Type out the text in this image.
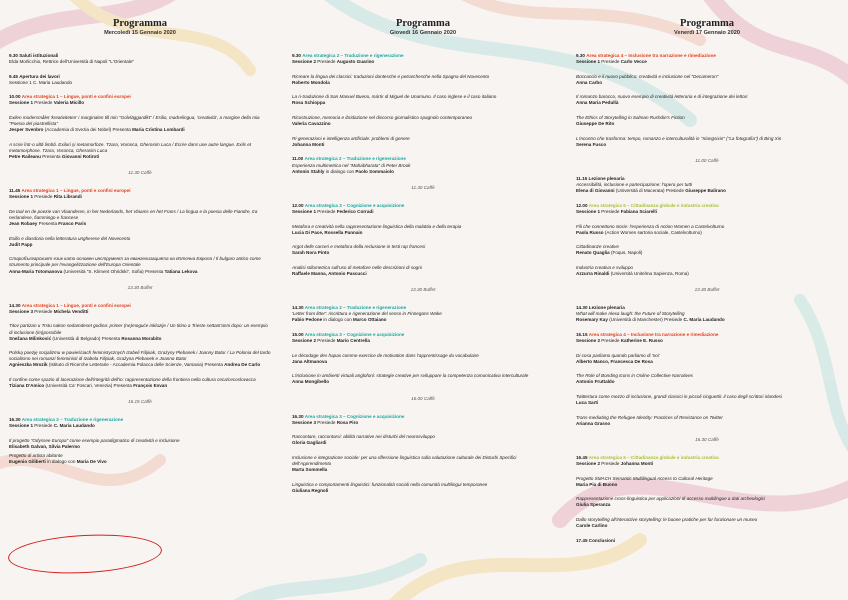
Programma
Mercoledì 15 Gennaio 2020
9.30 Saluti istituzionali
Elda Morlicchio, Rettrice dell'Università di Napoli "L'Orientale"
9.45 Apertura dei lavori
Sessione 1 C. Maria Laudando
10.00 Area strategica 1 – Lingue, ponti e confini europei
Sessione 1 Presiede Valeria Micillo
Exilen modersmålet 'kreativiteten' i marginalen till min "Golvläggardikt" / Esilio, madrelingua, 'creatività', a margine della mia "Poesia del piastrellista"
Jesper Svenbro (Accademia di Svezia dei Nobel) Presenta Maria Cristina Lombardi
A scrie într-o altă limbă. Exiluri și metamorfoze. Tzara, Voronca, Gherasim Luca / Écrire dans une autre langue. Exils et metamorphose. Tzara, Voronca, Gherasim Luca
Petre Raileanu Presenta Giovanni Rotiroti
11.30 Caffè
11.45 Area strategica 1 – Lingue, ponti e confini europei
Sessione 1 Presiede Rita Librandi
De taal en de poezie van Vlaanderen, in het Nederlands, het Vlaams en het Frans / La lingua e la poesia delle Fiandre, tra nerlandese, fiammingo e francese
Jean Robaey Presenta Franco Paris
Esilio e diasdoria nella letteratura ungherese del Novecento
Judit Papp
Старобългарският език като основен инструмент за евангелизацията на Източна Европа / Il bulgaro antico come strumento principale per l'evangelizzazione dell'Europa Orientale
Anna-Maria Totomanova (Università "S. Kliment Ohridski", Sofia) Presenta Tatiana Lekova
13.30 Buffet
14.30 Area strategica 1 – Lingue, ponti e confini europei
Sessione 3 Presiede Michela Venditti
Titov partizan u Trstu nakon sedamdeset godina: primer (ne)moguće inkluzije / Un titino a Trieste settant'anni dopo: un esempio di inclusione (im)possibile
Snežana Milinković (Università di Belgrado) Presenta Rosanna Morabito
Polską poezję socjalizmu w powieściach feministycznych Izabeli Filipiak, Grażyny Plebanek i Joanny Bator / La Polonia del tardo socialismo nei romanzi femministi di Izabela Filipiak, Grażyna Plebanek e Joanna Bator
Agnieszka Mrozik (Istituto di Ricerche Letterarie - Accademia Polacca delle Scienze, Varsavia) Presenta Andrea De Carlo
Il confine come spazio di lacerazione dell'integrità dell'io: rappresentazione della frontiera nella cultura ceca/cecoslovacca
Tiziana D'Amico (Università Ca' Foscari, Venezia) Presenta François Esvan
16.15 Caffè
16.30 Area strategica 2 – Traduzione e rigenerazione
Sessione 1 Presiede C. Maria Laudando
Il progetto "Odyssee Europa" come esempio paradigmatico di creatività e inclusione
Elisabeth Galvan, Silvia Palermo
Progetto di artista abitante
Eugenio Giliberti in dialogo con Maria De Vivo
Programma
Giovedì 16 Gennaio 2020
9.30 Area strategica 2 – Traduzione e rigenerazione
Sessione 2 Presiede Augusto Guarino
Ricreare la lingua dei classici: traduzioni dantesche e petrarchesche nella Spagna del Novecento
Roberto Mondola
La ri-traduzione di San Manuel Bueno, mártir di Miguel de Unamuno. Il caso inglese e il caso italiano
Rosa Schioppa
Ricostruzione, memoria e ibridazione nel discorso giornalistico spagnolo contemporaneo
Valeria Cavazzino
Ri-generazioni e intelligenza artificiale: problemi di genere
Johanna Monti
11.00 Area strategica 2 – Traduzione e rigenerazione
Esperienza multimetrica nel "Mahabharata" di Peter Brook
Antonin Stahly in dialogo con Paolo Sommaiolo
11.30 Caffè
12.00 Area strategica 3 – Cognizione e acquisizione
Sessione 1 Presiede Federico Corradi
Metafora e creatività nella rappresentazione linguistica della malattia e della terapia
Lucia Di Pace, Rossella Pannain
Argot delle carceri e metafora della reclusione in testi rap francesi
Sarah Nora Pinto
Analisi stilometrica sull'uso di metafore nelle descrizioni di sogni
Raffaele Manna, Antonio Pascucci
13.30 Buffet
14.30 Area strategica 2 – Traduzione e rigenerazione
'Letter from litter': riscrittura e rigenerazione del senso in Finnegans Wake
Fabio Pedone in dialogo con Marco Ottaiano
15.00 Area strategica 3 – Cognizione e acquisizione
Sessione 2 Presiede Mario Centrella
Le décodage des hapax comme exercice de motivation dans l'apprentissage du vocabulaire
Jana Altmanova
L'inclusione in ambienti virtuali anglofoni: strategie creative per sviluppare la competenza comunicativa interculturale
Anna Mongibello
16.00 Caffè
16.30 Area strategica 3 – Cognizione e acquisizione
Sessione 3 Presiede Rosa Piro
Raccontare, raccontarsi: abilità narrative nei disturbi del neurosviluppo
Gloria Gagliardi
Inclusione e integrazione sociale: per una riflessione linguistica sulla valutazione culturale dei Disturbi Specifici dell'Apprendimento
Marta Sommella
Linguistica e comportamenti linguistici: funzionalità sociali nella comunità multilingui temporanee
Giuliana Regnoli
Programma
Venerdì 17 Gennaio 2020
9.30 Area strategica 4 – Inclusione tra narrazione e rimediazione
Sessione 1 Presiede Carlo Vecce
Boccaccio e il nuovo pubblico: creatività e inclusione nel "Decameron"
Anna Carbo
Il romanzo barocco, nuovo esempio di creatività letteraria e di integrazione dei lettori
Anna Maria Pedullà
The Ethics of Storytelling in Salman Rushdie's Fiction
Giuseppe De Rito
L'incontro che trasforma: tempo, romanzo e interculturalità in "Xiangsixin" ("La fotografia") di Bing Xin
Serena Fusco
11.00 Caffè
11.15 Lezione plenaria
Accessibilità, inclusione e partecipazione: l'opera per tutti
Elena di Giovanni (Università di Macerata) Presiede Giuseppe Balirano
12.00 Area strategica 5 – Cittadinanza globale e industria creativa
Sessione 1 Presiede Fabiana Sciarelli
Fili che connettono storie: l'esperienza di Action Women a Castelvolturno
Paola Russo (Action Women sartoria sociale, Castelvolturno)
Cittadinanze creative
Renato Quaglia (Foqus, Napoli)
Industria creativa e sviluppo
Azzurra Rinaldi (Università Unitelma Sapienza, Roma)
13.30 Buffet
14.30 Lezione plenaria
What will make Alexa laugh: the Future of Storytelling
Rosemary Kay (Università di Manchester) Presiede C. Maria Laudando
15.15 Area strategica 4 – Inclusione tra narrazione e rimediazione
Sessione 2 Presiede Katherine E. Russo
Di cosa parliamo quando parliamo di 'noi'
Alberto Manco, Francesca De Rosa
The Role of Bonding Icons in Online Collective Narratives
Antonio Fruttaldo
Twittertura come mezzo di inclusione, grandi classici in piccoli cinguettii: il caso degli scrittori irlandesi
Luca Sarti
Trans-mediating the Refugee Identity: Practices of Resistance on Twitter
Arianna Grasso
16.30 Caffè
16.45 Area strategica 5 – Cittadinanza globale e industria creativa
Sessione 2 Presiede Johanna Monti
Progetto SMACH Semantic Multilingual Access to Cultural Heritage
Maria Pia di Buono
Rappresentazione cross-linguistica per applicazioni di accesso multilingue a dati archeologici
Giulia Speranza
Dallo storytelling all'interactive storytelling: le buone pratiche per far funzionare un museo
Carole Carlino
17.45 Conclusioni
